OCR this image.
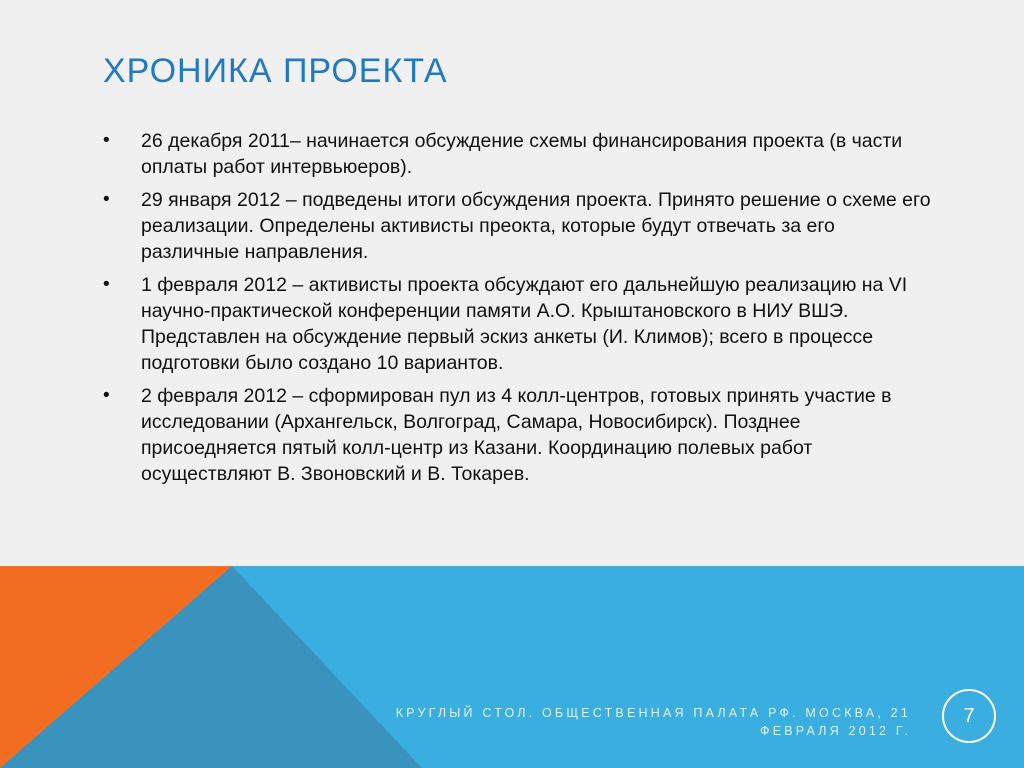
ХРОНИКА ПРОЕКТА
•	26 декабря 2011– начинается обсуждение схемы финансирования проекта (в части оплаты работ интервьюеров).
•	29 января 2012 – подведены итоги обсуждения проекта. Принято решение о схеме его реализации. Определены активисты преокта, которые будут отвечать за его различные направления.
•	1 февраля 2012 – активисты проекта обсуждают его дальнейшую реализацию на VI научно-практической конференции памяти А.О. Крыштановского в НИУ ВШЭ. Представлен на обсуждение первый эскиз анкеты (И. Климов); всего в процессе подготовки было создано 10 вариантов.
•	2 февраля 2012 – сформирован пул из 4 колл-центров, готовых принять участие в исследовании (Архангельск, Волгоград, Самара, Новосибирск). Позднее присоедняется пятый колл-центр из Казани. Координацию полевых работ осуществляют В. Звоновский и В. Токарев.
КРУГЛЫЙ СТОЛ. ОБЩЕСТВЕННАЯ ПАЛАТА РФ. МОСКВА, 21 ФЕВРАЛЯ 2012 Г.
7
